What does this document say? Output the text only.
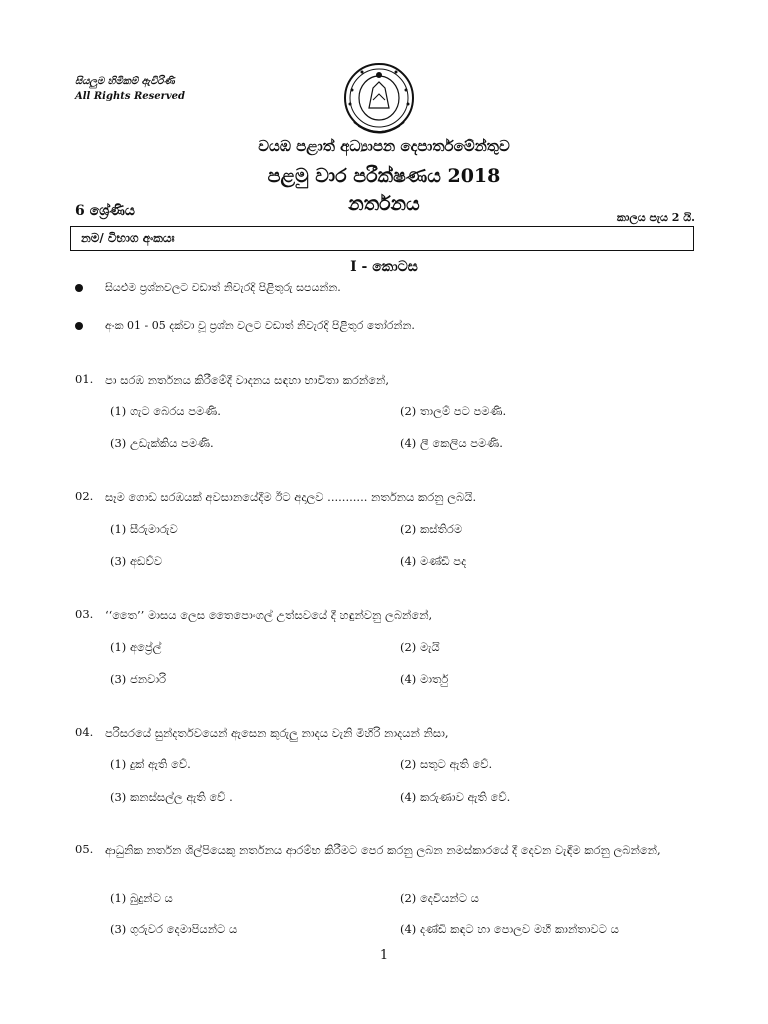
සියලුම හිමිකම් ඇවිරිණි
All Rights Reserved
වයඹ පළාත් අධ්‍යාපන දෙපාර්තමේන්තුව
පළමු වාර පරීක්ෂණය 2018
6 ශ්‍රේණිය	නර්තනය
කාලය පැය 2 යි.
නම/ විභාග අංකයඃ
I - කොටස
සියළුම ප්‍රශ්නවලට වඩාත් නිවැරදි පිළිතුරු සපයන්න.
අංක 01 - 05 දක්වා වූ ප්‍රශ්න වලට වඩාත් නිවැරදි පිළිතුර තෝරන්න.
01. පා සරඹ නර්තනය කිරීමේදී වාදනය සඳහා භාවිතා කරන්නේ,
(1) ගැට බෙරය පමණි.	(2) තාලම් පට පමණි.
(3) උඩැක්කිය පමණි.	(4) ලී කෙලිය පමණි.
02. සෑම ගොඩ සරඹයක් අවසානයේදීම ඊට අදාලව ........... නර්තනය කරනු ලබයි.
(1) සීරුමාරුව	(2) කස්තිරම
(3) අඩව්ව	(4) මණ්ඩි පද
03. ‘‘තෛ’’ මාසය ලෙස තෛපොංගල් උත්සවයේ දී හඳුන්වනු ලබන්නේ,
(1) අප්‍රේල්	(2) මැයි
(3) ජනවාරි	(4) මාර්තු
04. පරිසරයේ සුන්දර්තවයෙන් ඇසෙන කුරුලු නාදය වැනි මිහිරි නාදයන් නිසා,
(1) දුක් ඇති වේ.	(2) සතුට ඇති වේ.
(3) කනස්සල්ල ඇති වේ .	(4) කරුණාව ඇති වේ.
05. ආධුනික නර්තන ශිල්පියෙකු නර්තනය ආරම්භ කිරීමට පෙර කරනු ලබන නමස්කාරයේ දී දෙවන වැඳීම කරනු ලබන්නේ,
(1) බුදුන්ට ය	(2) දෙවියන්ට ය
(3) ගුරුවර දෙමාපියන්ට ය	(4) දණ්ඩි කඳට හා පොලව මහී කාන්තාවට ය
1
